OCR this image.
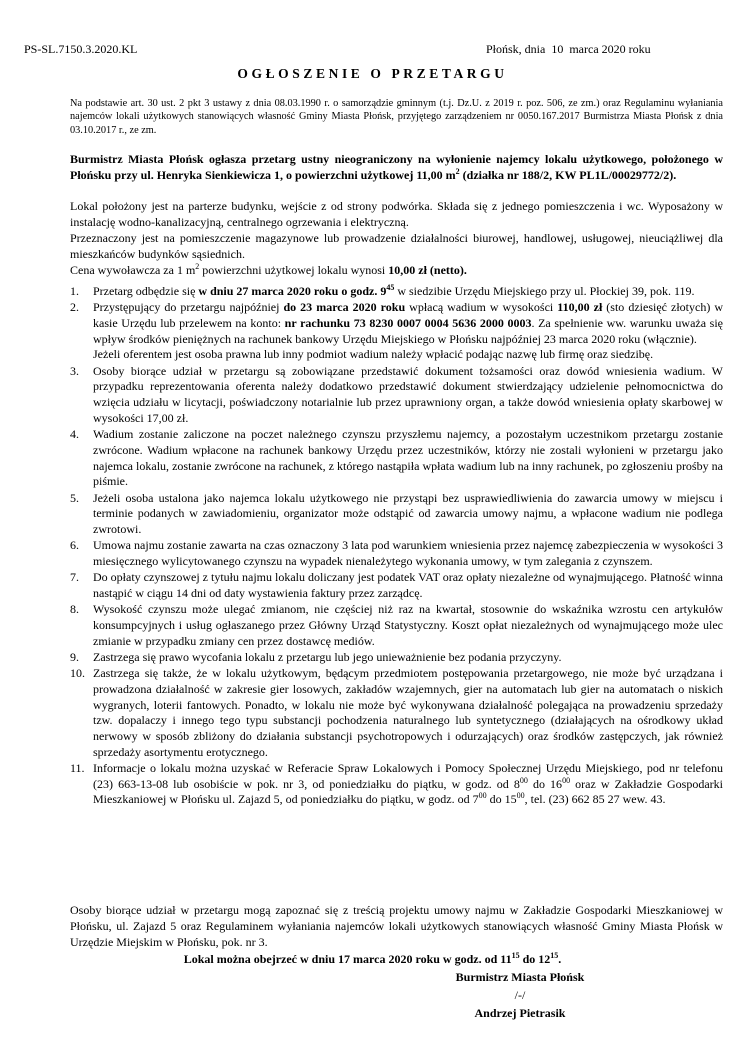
PS-SL.7150.3.2020.KL	Płońsk, dnia 10 marca 2020 roku
OGŁOSZENIE O PRZETARGU
Na podstawie art. 30 ust. 2 pkt 3 ustawy z dnia 08.03.1990 r. o samorządzie gminnym (t.j. Dz.U. z 2019 r. poz. 506, ze zm.) oraz Regulaminu wyłaniania najemców lokali użytkowych stanowiących własność Gminy Miasta Płońsk, przyjętego zarządzeniem nr 0050.167.2017 Burmistrza Miasta Płońsk z dnia 03.10.2017 r., ze zm.
Burmistrz Miasta Płońsk ogłasza przetarg ustny nieograniczony na wyłonienie najemcy lokalu użytkowego, położonego w Płońsku przy ul. Henryka Sienkiewicza 1, o powierzchni użytkowej 11,00 $m^2$ (działka nr 188/2, KW PL1L/00029772/2).
Lokal położony jest na parterze budynku, wejście z od strony podwórka. Składa się z jednego pomieszczenia i wc. Wyposażony w instalację wodno-kanalizacyjną, centralnego ogrzewania i elektryczną.
Przeznaczony jest na pomieszczenie magazynowe lub prowadzenie działalności biurowej, handlowej, usługowej, nieuciążliwej dla mieszkańców budynków sąsiednich.
Cena wywoławcza za 1 $m^2$ powierzchni użytkowej lokalu wynosi 10,00 zł (netto).
1. Przetarg odbędzie się w dniu 27 marca 2020 roku o godz. $9^{45}$ w siedzibie Urzędu Miejskiego przy ul. Płockiej 39, pok. 119.
2. Przystępujący do przetargu najpóźniej do 23 marca 2020 roku wpłacą wadium w wysokości 110,00 zł (sto dziesięć złotych) w kasie Urzędu lub przelewem na konto: nr rachunku 73 8230 0007 0004 5636 2000 0003. Za spełnienie ww. warunku uważa się wpływ środków pieniężnych na rachunek bankowy Urzędu Miejskiego w Płońsku najpóźniej 23 marca 2020 roku (włącznie).
Jeżeli oferentem jest osoba prawna lub inny podmiot wadium należy wpłacić podając nazwę lub firmę oraz siedzibę.
3. Osoby biorące udział w przetargu są zobowiązane przedstawić dokument tożsamości oraz dowód wniesienia wadium. W przypadku reprezentowania oferenta należy dodatkowo przedstawić dokument stwierdzający udzielenie pełnomocnictwa do wzięcia udziału w licytacji, poświadczony notarialnie lub przez uprawniony organ, a także dowód wniesienia opłaty skarbowej w wysokości 17,00 zł.
4. Wadium zostanie zaliczone na poczet należnego czynszu przyszłemu najemcy, a pozostałym uczestnikom przetargu zostanie zwrócone. Wadium wpłacone na rachunek bankowy Urzędu przez uczestników, którzy nie zostali wyłonieni w przetargu jako najemca lokalu, zostanie zwrócone na rachunek, z którego nastąpiła wpłata wadium lub na inny rachunek, po zgłoszeniu prośby na piśmie.
5. Jeżeli osoba ustalona jako najemca lokalu użytkowego nie przystąpi bez usprawiedliwienia do zawarcia umowy w miejscu i terminie podanych w zawiadomieniu, organizator może odstąpić od zawarcia umowy najmu, a wpłacone wadium nie podlega zwrotowi.
6. Umowa najmu zostanie zawarta na czas oznaczony 3 lata pod warunkiem wniesienia przez najemcę zabezpieczenia w wysokości 3 miesięcznego wylicytowanego czynszu na wypadek nienależytego wykonania umowy, w tym zalegania z czynszem.
7. Do opłaty czynszowej z tytułu najmu lokalu doliczany jest podatek VAT oraz opłaty niezależne od wynajmującego. Płatność winna nastąpić w ciągu 14 dni od daty wystawienia faktury przez zarządcę.
8. Wysokość czynszu może ulegać zmianom, nie częściej niż raz na kwartał, stosownie do wskaźnika wzrostu cen artykułów konsumpcyjnych i usług ogłaszanego przez Główny Urząd Statystyczny. Koszt opłat niezależnych od wynajmującego może ulec zmianie w przypadku zmiany cen przez dostawcę mediów.
9. Zastrzega się prawo wycofania lokalu z przetargu lub jego unieważnienie bez podania przyczyny.
10. Zastrzega się także, że w lokalu użytkowym, będącym przedmiotem postępowania przetargowego, nie może być urządzana i prowadzona działalność w zakresie gier losowych, zakładów wzajemnych, gier na automatach lub gier na automatach o niskich wygranych, loterii fantowych. Ponadto, w lokalu nie może być wykonywana działalność polegająca na prowadzeniu sprzedaży tzw. dopalaczy i innego tego typu substancji pochodzenia naturalnego lub syntetycznego (działających na ośrodkowy układ nerwowy w sposób zbliżony do działania substancji psychotropowych i odurzających) oraz środków zastępczych, jak również sprzedaży asortymentu erotycznego.
11. Informacje o lokalu można uzyskać w Referacie Spraw Lokalowych i Pomocy Społecznej Urzędu Miejskiego, pod nr telefonu (23) 663-13-08 lub osobiście w pok. nr 3, od poniedziałku do piątku, w godz. od $8^{00}$ do $16^{00}$ oraz w Zakładzie Gospodarki Mieszkaniowej w Płońsku ul. Zajazd 5, od poniedziałku do piątku, w godz. od $7^{00}$ do $15^{00}$, tel. (23) 662 85 27 wew. 43.
Osoby biorące udział w przetargu mogą zapoznać się z treścią projektu umowy najmu w Zakładzie Gospodarki Mieszkaniowej w Płońsku, ul. Zajazd 5 oraz Regulaminem wyłaniania najemców lokali użytkowych stanowiących własność Gminy Miasta Płońsk w Urzędzie Miejskim w Płońsku, pok. nr 3.
Lokal można obejrzeć w dniu 17 marca 2020 roku w godz. od $11^{15}$ do $12^{15}$.
Burmistrz Miasta Płońsk
/-/
Andrzej Pietrasik
